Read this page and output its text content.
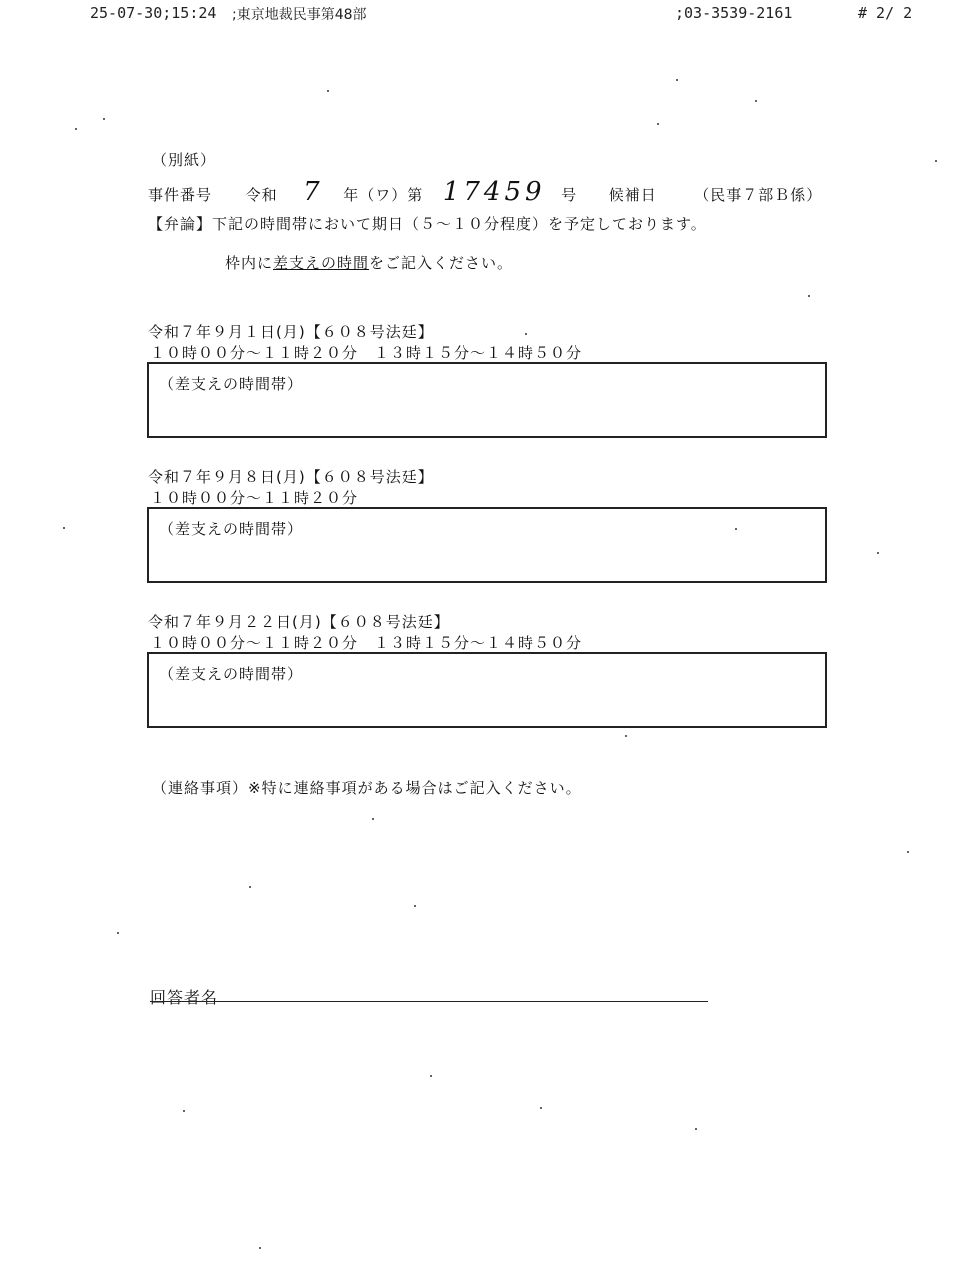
25-07-30;15:24 ;東京地裁民事第48部	;03-3539-2161	# 2/ 2
（別紙）
事件番号 令和 7 年（ワ）第 17459 号 候補日	（民事７部Ｂ係）
【弁論】下記の時間帯において期日（５～１０分程度）を予定しております。
枠内に差支えの時間をご記入ください。
令和７年９月１日(月)【６０８号法廷】
１０時００分～１１時２０分　１３時１５分～１４時５０分
（差支えの時間帯）
令和７年９月８日(月)【６０８号法廷】
１０時００分～１１時２０分
（差支えの時間帯）
令和７年９月２２日(月)【６０８号法廷】
１０時００分～１１時２０分　１３時１５分～１４時５０分
（差支えの時間帯）
（連絡事項）※特に連絡事項がある場合はご記入ください。
回答者名
